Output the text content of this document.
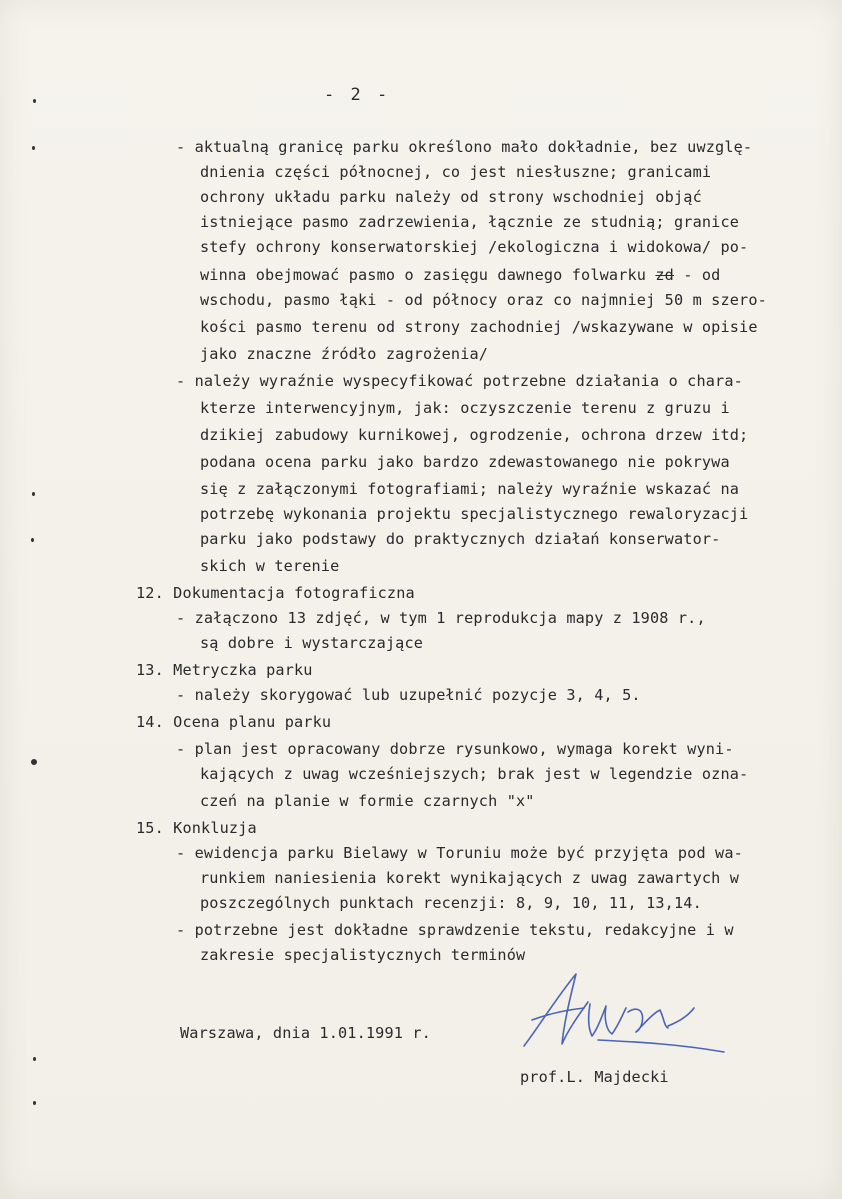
- 2 -
- aktualną granicę parku określono mało dokładnie, bez uwzglę-
dnienia części północnej, co jest niesłuszne; granicami
ochrony układu parku należy od strony wschodniej objąć
istniejące pasmo zadrzewienia, łącznie ze studnią; granice
stefy ochrony konserwatorskiej /ekologiczna i widokowa/ po-
winna obejmować pasmo o zasięgu dawnego folwarku zd - od
wschodu, pasmo łąki - od północy oraz co najmniej 50 m szero-
kości pasmo terenu od strony zachodniej /wskazywane w opisie
jako znaczne źródło zagrożenia/
- należy wyraźnie wyspecyfikować potrzebne działania o chara-
kterze interwencyjnym, jak: oczyszczenie terenu z gruzu i
dzikiej zabudowy kurnikowej, ogrodzenie, ochrona drzew itd;
podana ocena parku jako bardzo zdewastowanego nie pokrywa
się z załączonymi fotografiami; należy wyraźnie wskazać na
potrzebę wykonania projektu specjalistycznego rewaloryzacji
parku jako podstawy do praktycznych działań konserwator-
skich w terenie
12. Dokumentacja fotograficzna
- załączono 13 zdjęć, w tym 1 reprodukcja mapy z 1908 r.,
są dobre i wystarczające
13. Metryczka parku
- należy skorygować lub uzupełnić pozycje 3, 4, 5.
14. Ocena planu parku
- plan jest opracowany dobrze rysunkowo, wymaga korekt wyni-
kających z uwag wcześniejszych; brak jest w legendzie ozna-
czeń na planie w formie czarnych "x"
15. Konkluzja
- ewidencja parku Bielawy w Toruniu może być przyjęta pod wa-
runkiem naniesienia korekt wynikających z uwag zawartych w
poszczególnych punktach recenzji: 8, 9, 10, 11, 13,14.
- potrzebne jest dokładne sprawdzenie tekstu, redakcyjne i w
zakresie specjalistycznych terminów
Warszawa, dnia 1.01.1991 r.
prof.L. Majdecki
